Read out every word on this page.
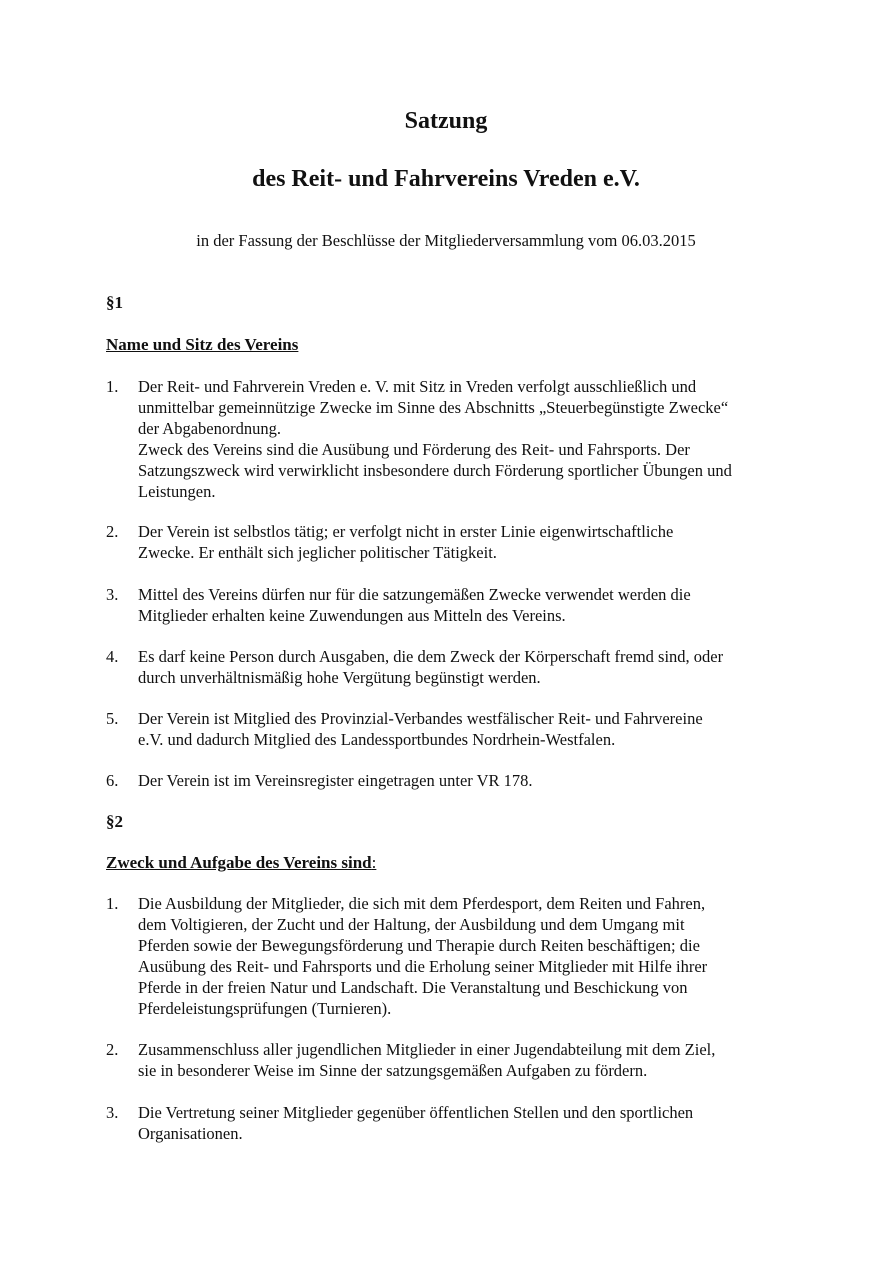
Satzung
des Reit- und Fahrvereins Vreden e.V.

in der Fassung der Beschlüsse der Mitgliederversammlung vom 06.03.2015

§1

Name und Sitz des Vereins

1. Der Reit- und Fahrverein Vreden e. V. mit Sitz in Vreden verfolgt ausschließlich und
unmittelbar gemeinnützige Zwecke im Sinne des Abschnitts „Steuerbegünstigte Zwecke“
der Abgabenordnung.
Zweck des Vereins sind die Ausübung und Förderung des Reit- und Fahrsports. Der
Satzungszweck wird verwirklicht insbesondere durch Förderung sportlicher Übungen und
Leistungen.
2. Der Verein ist selbstlos tätig; er verfolgt nicht in erster Linie eigenwirtschaftliche
Zwecke. Er enthält sich jeglicher politischer Tätigkeit.
3. Mittel des Vereins dürfen nur für die satzungemäßen Zwecke verwendet werden die
Mitglieder erhalten keine Zuwendungen aus Mitteln des Vereins.
4. Es darf keine Person durch Ausgaben, die dem Zweck der Körperschaft fremd sind, oder
durch unverhältnismäßig hohe Vergütung begünstigt werden.
5. Der Verein ist Mitglied des Provinzial-Verbandes westfälischer Reit- und Fahrvereine
e.V. und dadurch Mitglied des Landessportbundes Nordrhein-Westfalen.
6. Der Verein ist im Vereinsregister eingetragen unter VR 178.

§2

Zweck und Aufgabe des Vereins sind:

1. Die Ausbildung der Mitglieder, die sich mit dem Pferdesport, dem Reiten und Fahren,
dem Voltigieren, der Zucht und der Haltung, der Ausbildung und dem Umgang mit
Pferden sowie der Bewegungsförderung und Therapie durch Reiten beschäftigen; die
Ausübung des Reit- und Fahrsports und die Erholung seiner Mitglieder mit Hilfe ihrer
Pferde in der freien Natur und Landschaft. Die Veranstaltung und Beschickung von
Pferdeleistungsprüfungen (Turnieren).
2. Zusammenschluss aller jugendlichen Mitglieder in einer Jugendabteilung mit dem Ziel,
sie in besonderer Weise im Sinne der satzungsgemäßen Aufgaben zu fördern.
3. Die Vertretung seiner Mitglieder gegenüber öffentlichen Stellen und den sportlichen
Organisationen.
